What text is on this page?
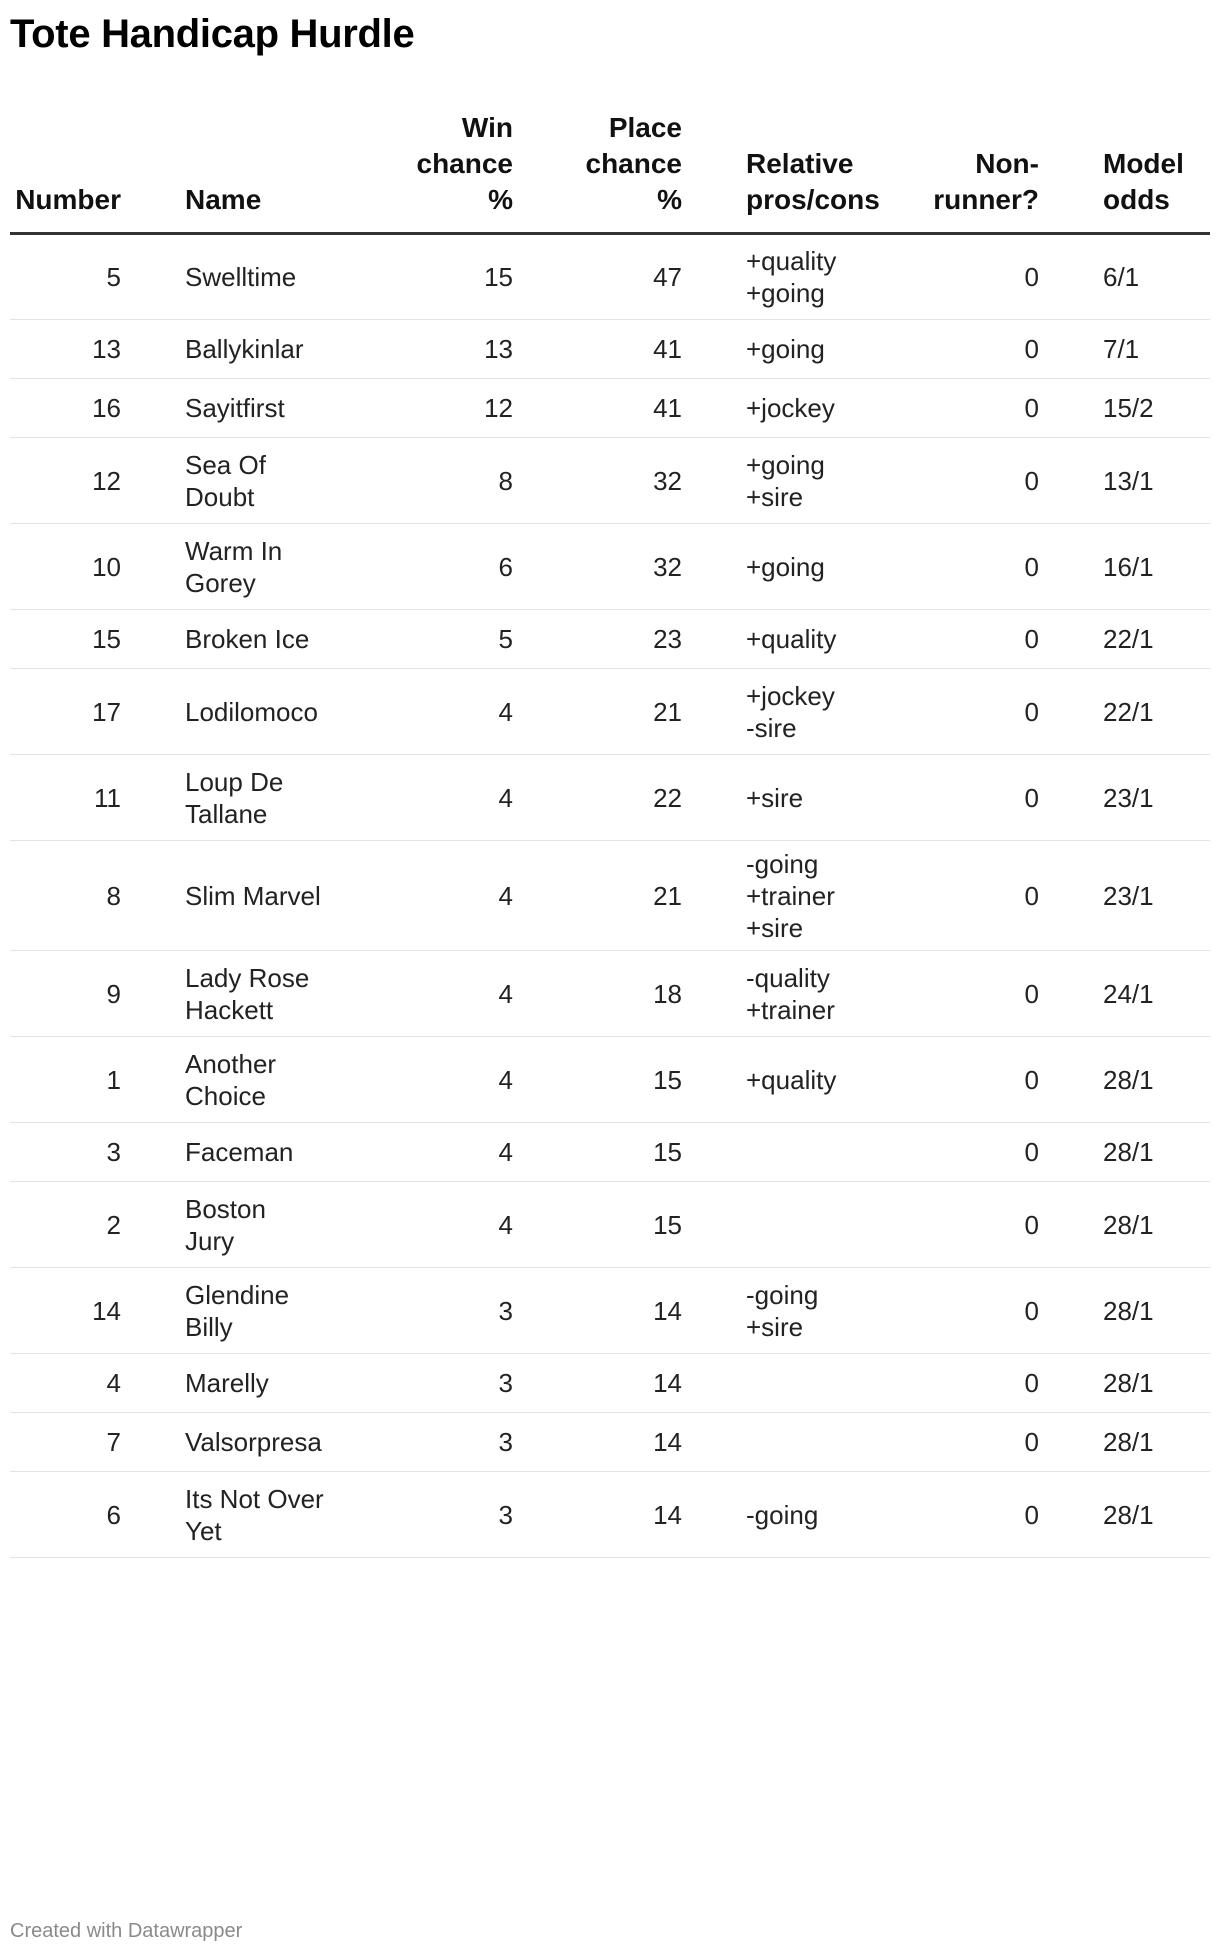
Tote Handicap Hurdle
Number		Name	Win
chance
%	Place
chance
%		Relative
pros/cons	Non-
runner?		Model
odds

5		Swelltime	15	47		+quality
+going	0		6/1
13		Ballykinlar	13	41		+going	0		7/1
16		Sayitfirst	12	41		+jockey	0		15/2
12		Sea Of
Doubt	8	32		+going
+sire	0		13/1
10		Warm In
Gorey	6	32		+going	0		16/1
15		Broken Ice	5	23		+quality	0		22/1
17		Lodilomoco	4	21		+jockey
-sire	0		22/1
11		Loup De
Tallane	4	22		+sire	0		23/1
8		Slim Marvel	4	21		-going
+trainer
+sire	0		23/1
9		Lady Rose
Hackett	4	18		-quality
+trainer	0		24/1
1		Another
Choice	4	15		+quality	0		28/1
3		Faceman	4	15			0		28/1
2		Boston
Jury	4	15			0		28/1
14		Glendine
Billy	3	14		-going
+sire	0		28/1
4		Marelly	3	14			0		28/1
7		Valsorpresa	3	14			0		28/1
6		Its Not Over
Yet	3	14		-going	0		28/1
Created with Datawrapper
